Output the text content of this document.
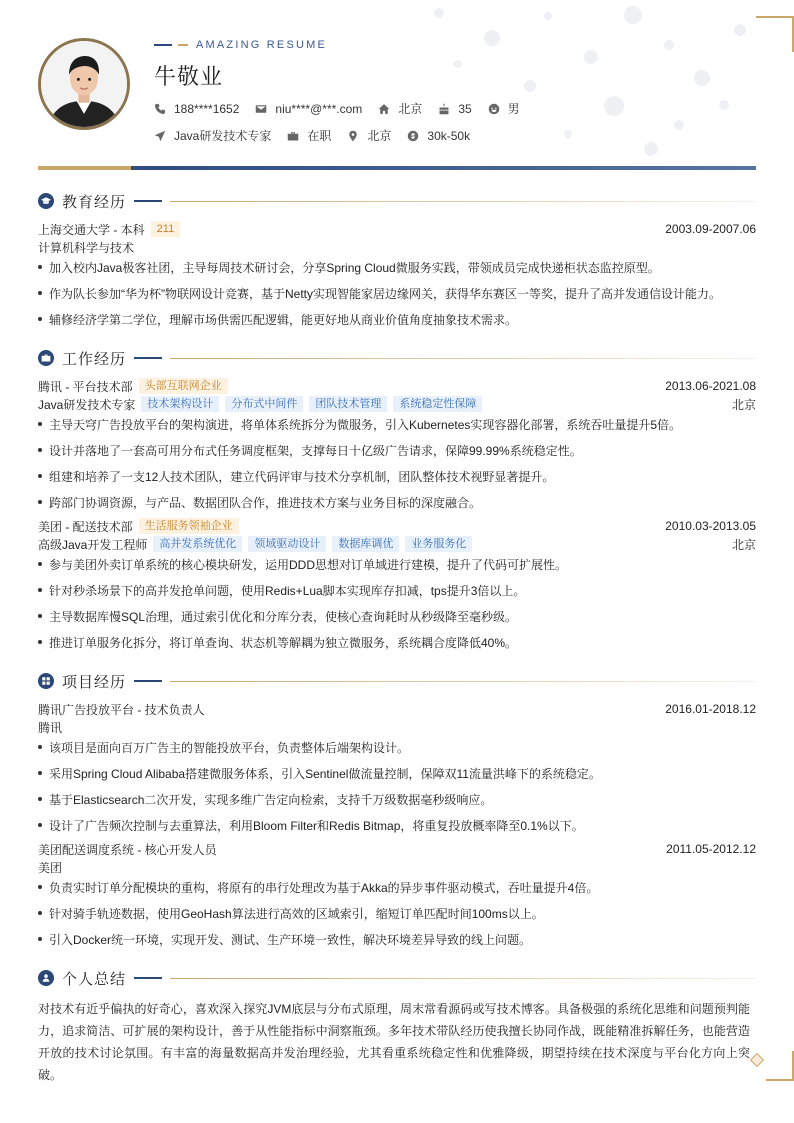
AMAZING RESUME
牛敬业
188****1652	niu****@***.com	北京	35	男
Java研发技术专家	在职	北京	30k-50k
教育经历
上海交通大学 - 本科	211	2003.09-2007.06
计算机科学与技术
加入校内Java极客社团，主导每周技术研讨会，分享Spring Cloud微服务实践，带领成员完成快递柜状态监控原型。
作为队长参加“华为杯”物联网设计竞赛，基于Netty实现智能家居边缘网关，获得华东赛区一等奖，提升了高并发通信设计能力。
辅修经济学第二学位，理解市场供需匹配逻辑，能更好地从商业价值角度抽象技术需求。
工作经历
腾讯 - 平台技术部	头部互联网企业	2013.06-2021.08
Java研发技术专家	技术架构设计	分布式中间件	团队技术管理	系统稳定性保障	北京
主导天穹广告投放平台的架构演进，将单体系统拆分为微服务，引入Kubernetes实现容器化部署，系统吞吐量提升5倍。
设计并落地了一套高可用分布式任务调度框架，支撑每日十亿级广告请求，保障99.99%系统稳定性。
组建和培养了一支12人技术团队，建立代码评审与技术分享机制，团队整体技术视野显著提升。
跨部门协调资源，与产品、数据团队合作，推进技术方案与业务目标的深度融合。
美团 - 配送技术部	生活服务领袖企业	2010.03-2013.05
高级Java开发工程师	高并发系统优化	领域驱动设计	数据库调优	业务服务化	北京
参与美团外卖订单系统的核心模块研发，运用DDD思想对订单域进行建模，提升了代码可扩展性。
针对秒杀场景下的高并发抢单问题，使用Redis+Lua脚本实现库存扣减，tps提升3倍以上。
主导数据库慢SQL治理，通过索引优化和分库分表，使核心查询耗时从秒级降至毫秒级。
推进订单服务化拆分，将订单查询、状态机等解耦为独立微服务，系统耦合度降低40%。
项目经历
腾讯广告投放平台 - 技术负责人	2016.01-2018.12
腾讯
该项目是面向百万广告主的智能投放平台，负责整体后端架构设计。
采用Spring Cloud Alibaba搭建微服务体系，引入Sentinel做流量控制，保障双11流量洪峰下的系统稳定。
基于Elasticsearch二次开发，实现多维广告定向检索，支持千万级数据毫秒级响应。
设计了广告频次控制与去重算法，利用Bloom Filter和Redis Bitmap，将重复投放概率降至0.1%以下。
美团配送调度系统 - 核心开发人员	2011.05-2012.12
美团
负责实时订单分配模块的重构，将原有的串行处理改为基于Akka的异步事件驱动模式，吞吐量提升4倍。
针对骑手轨迹数据，使用GeoHash算法进行高效的区域索引，缩短订单匹配时间100ms以上。
引入Docker统一环境，实现开发、测试、生产环境一致性，解决环境差异导致的线上问题。
个人总结
对技术有近乎偏执的好奇心，喜欢深入探究JVM底层与分布式原理，周末常看源码或写技术博客。具备极强的系统化思维和问题预判能力，追求简洁、可扩展的架构设计，善于从性能指标中洞察瓶颈。多年技术带队经历使我擅长协同作战，既能精准拆解任务，也能营造开放的技术讨论氛围。有丰富的海量数据高并发治理经验，尤其看重系统稳定性和优雅降级，期望持续在技术深度与平台化方向上突破。
